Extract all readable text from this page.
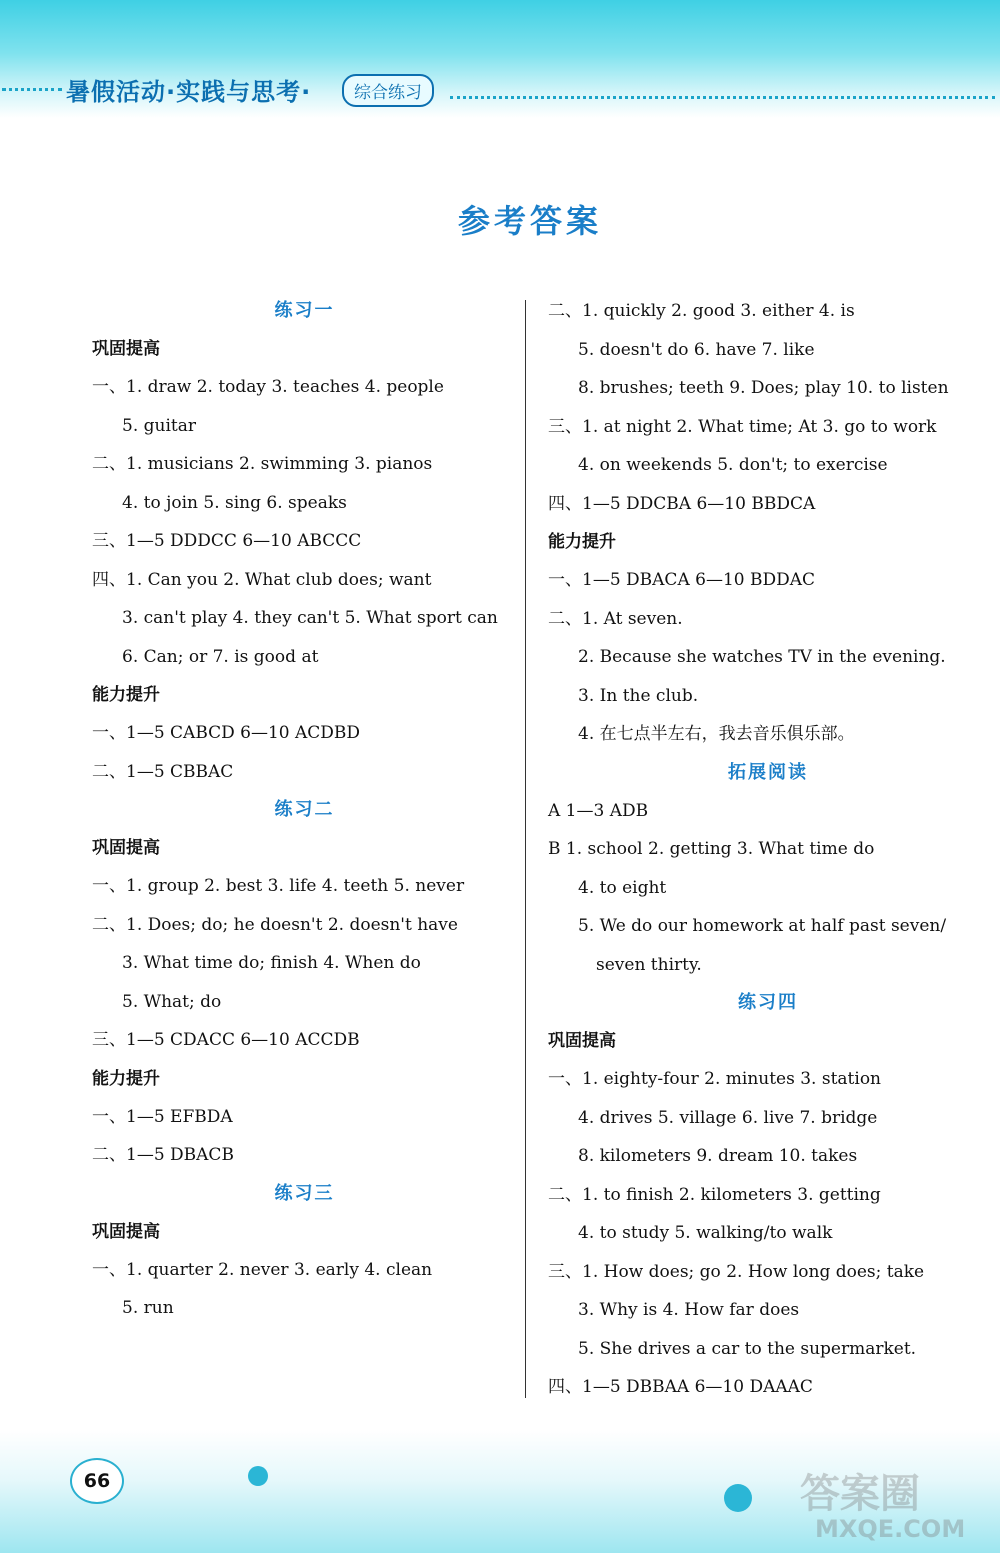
暑假活动·实践与思考·	综合练习
参考答案
练习一
巩固提高
一、1. draw 2. today 3. teaches 4. people
5. guitar
二、1. musicians 2. swimming 3. pianos
4. to join 5. sing 6. speaks
三、1—5 DDDCC 6—10 ABCCC
四、1. Can you 2. What club does; want
3. can't play 4. they can't 5. What sport can
6. Can; or 7. is good at
能力提升
一、1—5 CABCD 6—10 ACDBD
二、1—5 CBBAC
练习二
巩固提高
一、1. group 2. best 3. life 4. teeth 5. never
二、1. Does; do; he doesn't 2. doesn't have
3. What time do; finish 4. When do
5. What; do
三、1—5 CDACC 6—10 ACCDB
能力提升
一、1—5 EFBDA
二、1—5 DBACB
练习三
巩固提高
一、1. quarter 2. never 3. early 4. clean
5. run
二、1. quickly 2. good 3. either 4. is
5. doesn't do 6. have 7. like
8. brushes; teeth 9. Does; play 10. to listen
三、1. at night 2. What time; At 3. go to work
4. on weekends 5. don't; to exercise
四、1—5 DDCBA 6—10 BBDCA
能力提升
一、1—5 DBACA 6—10 BDDAC
二、1. At seven.
2. Because she watches TV in the evening.
3. In the club.
4. 在七点半左右，我去音乐俱乐部。
拓展阅读
A 1—3 ADB
B 1. school 2. getting 3. What time do
4. to eight
5. We do our homework at half past seven/
seven thirty.
练习四
巩固提高
一、1. eighty-four 2. minutes 3. station
4. drives 5. village 6. live 7. bridge
8. kilometers 9. dream 10. takes
二、1. to finish 2. kilometers 3. getting
4. to study 5. walking/to walk
三、1. How does; go 2. How long does; take
3. Why is 4. How far does
5. She drives a car to the supermarket.
四、1—5 DBBAA 6—10 DAAAC
66	答案圈
MXQE.COM
